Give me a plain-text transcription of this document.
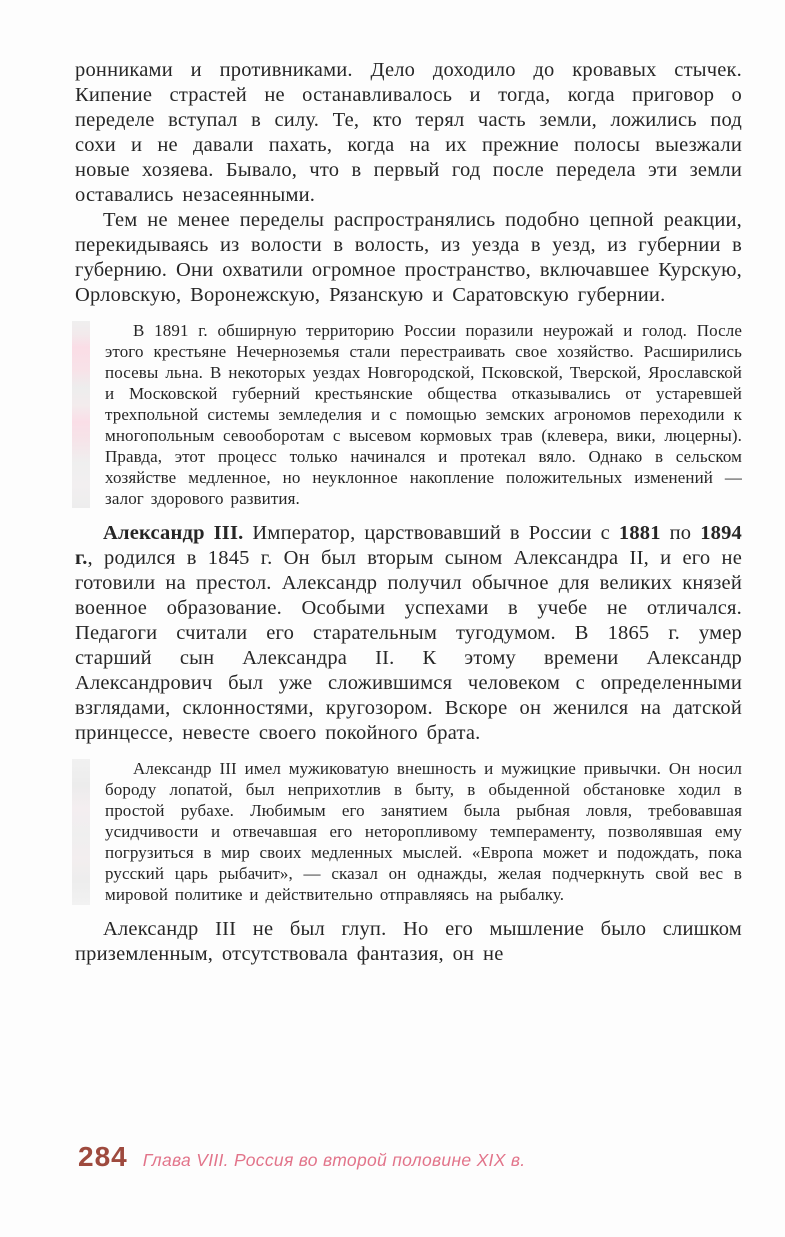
ронниками и противниками. Дело доходило до кровавых стычек. Кипение страстей не останавливалось и тогда, когда приговор о переделе вступал в силу. Те, кто терял часть земли, ложились под сохи и не давали пахать, когда на их прежние полосы выезжали новые хозяева. Бывало, что в первый год после передела эти земли оставались незасеянными.

Тем не менее переделы распространялись подобно цепной реакции, перекидываясь из волости в волость, из уезда в уезд, из губернии в губернию. Они охватили огромное пространство, включавшее Курскую, Орловскую, Воронежскую, Рязанскую и Саратовскую губернии.

В 1891 г. обширную территорию России поразили неурожай и голод. После этого крестьяне Нечерноземья стали перестраивать свое хозяйство. Расширились посевы льна. В некоторых уездах Новгородской, Псковской, Тверской, Ярославской и Московской губерний крестьянские общества отказывались от устаревшей трехпольной системы земледелия и с помощью земских агрономов переходили к многопольным севооборотам с высевом кормовых трав (клевера, вики, люцерны). Правда, этот процесс только начинался и протекал вяло. Однако в сельском хозяйстве медленное, но неуклонное накопление положительных изменений — залог здорового развития.

Александр III. Император, царствовавший в России с 1881 по 1894 г., родился в 1845 г. Он был вторым сыном Александра II, и его не готовили на престол. Александр получил обычное для великих князей военное образование. Особыми успехами в учебе не отличался. Педагоги считали его старательным тугодумом. В 1865 г. умер старший сын Александра II. К этому времени Александр Александрович был уже сложившимся человеком с определенными взглядами, склонностями, кругозором. Вскоре он женился на датской принцессе, невесте своего покойного брата.

Александр III имел мужиковатую внешность и мужицкие привычки. Он носил бороду лопатой, был неприхотлив в быту, в обыденной обстановке ходил в простой рубахе. Любимым его занятием была рыбная ловля, требовавшая усидчивости и отвечавшая его неторопливому темпераменту, позволявшая ему погрузиться в мир своих медленных мыслей. «Европа может и подождать, пока русский царь рыбачит», — сказал он однажды, желая подчеркнуть свой вес в мировой политике и действительно отправляясь на рыбалку.

Александр III не был глуп. Но его мышление было слишком приземленным, отсутствовала фантазия, он не

284 Глава VIII. Россия во второй половине XIX в.
